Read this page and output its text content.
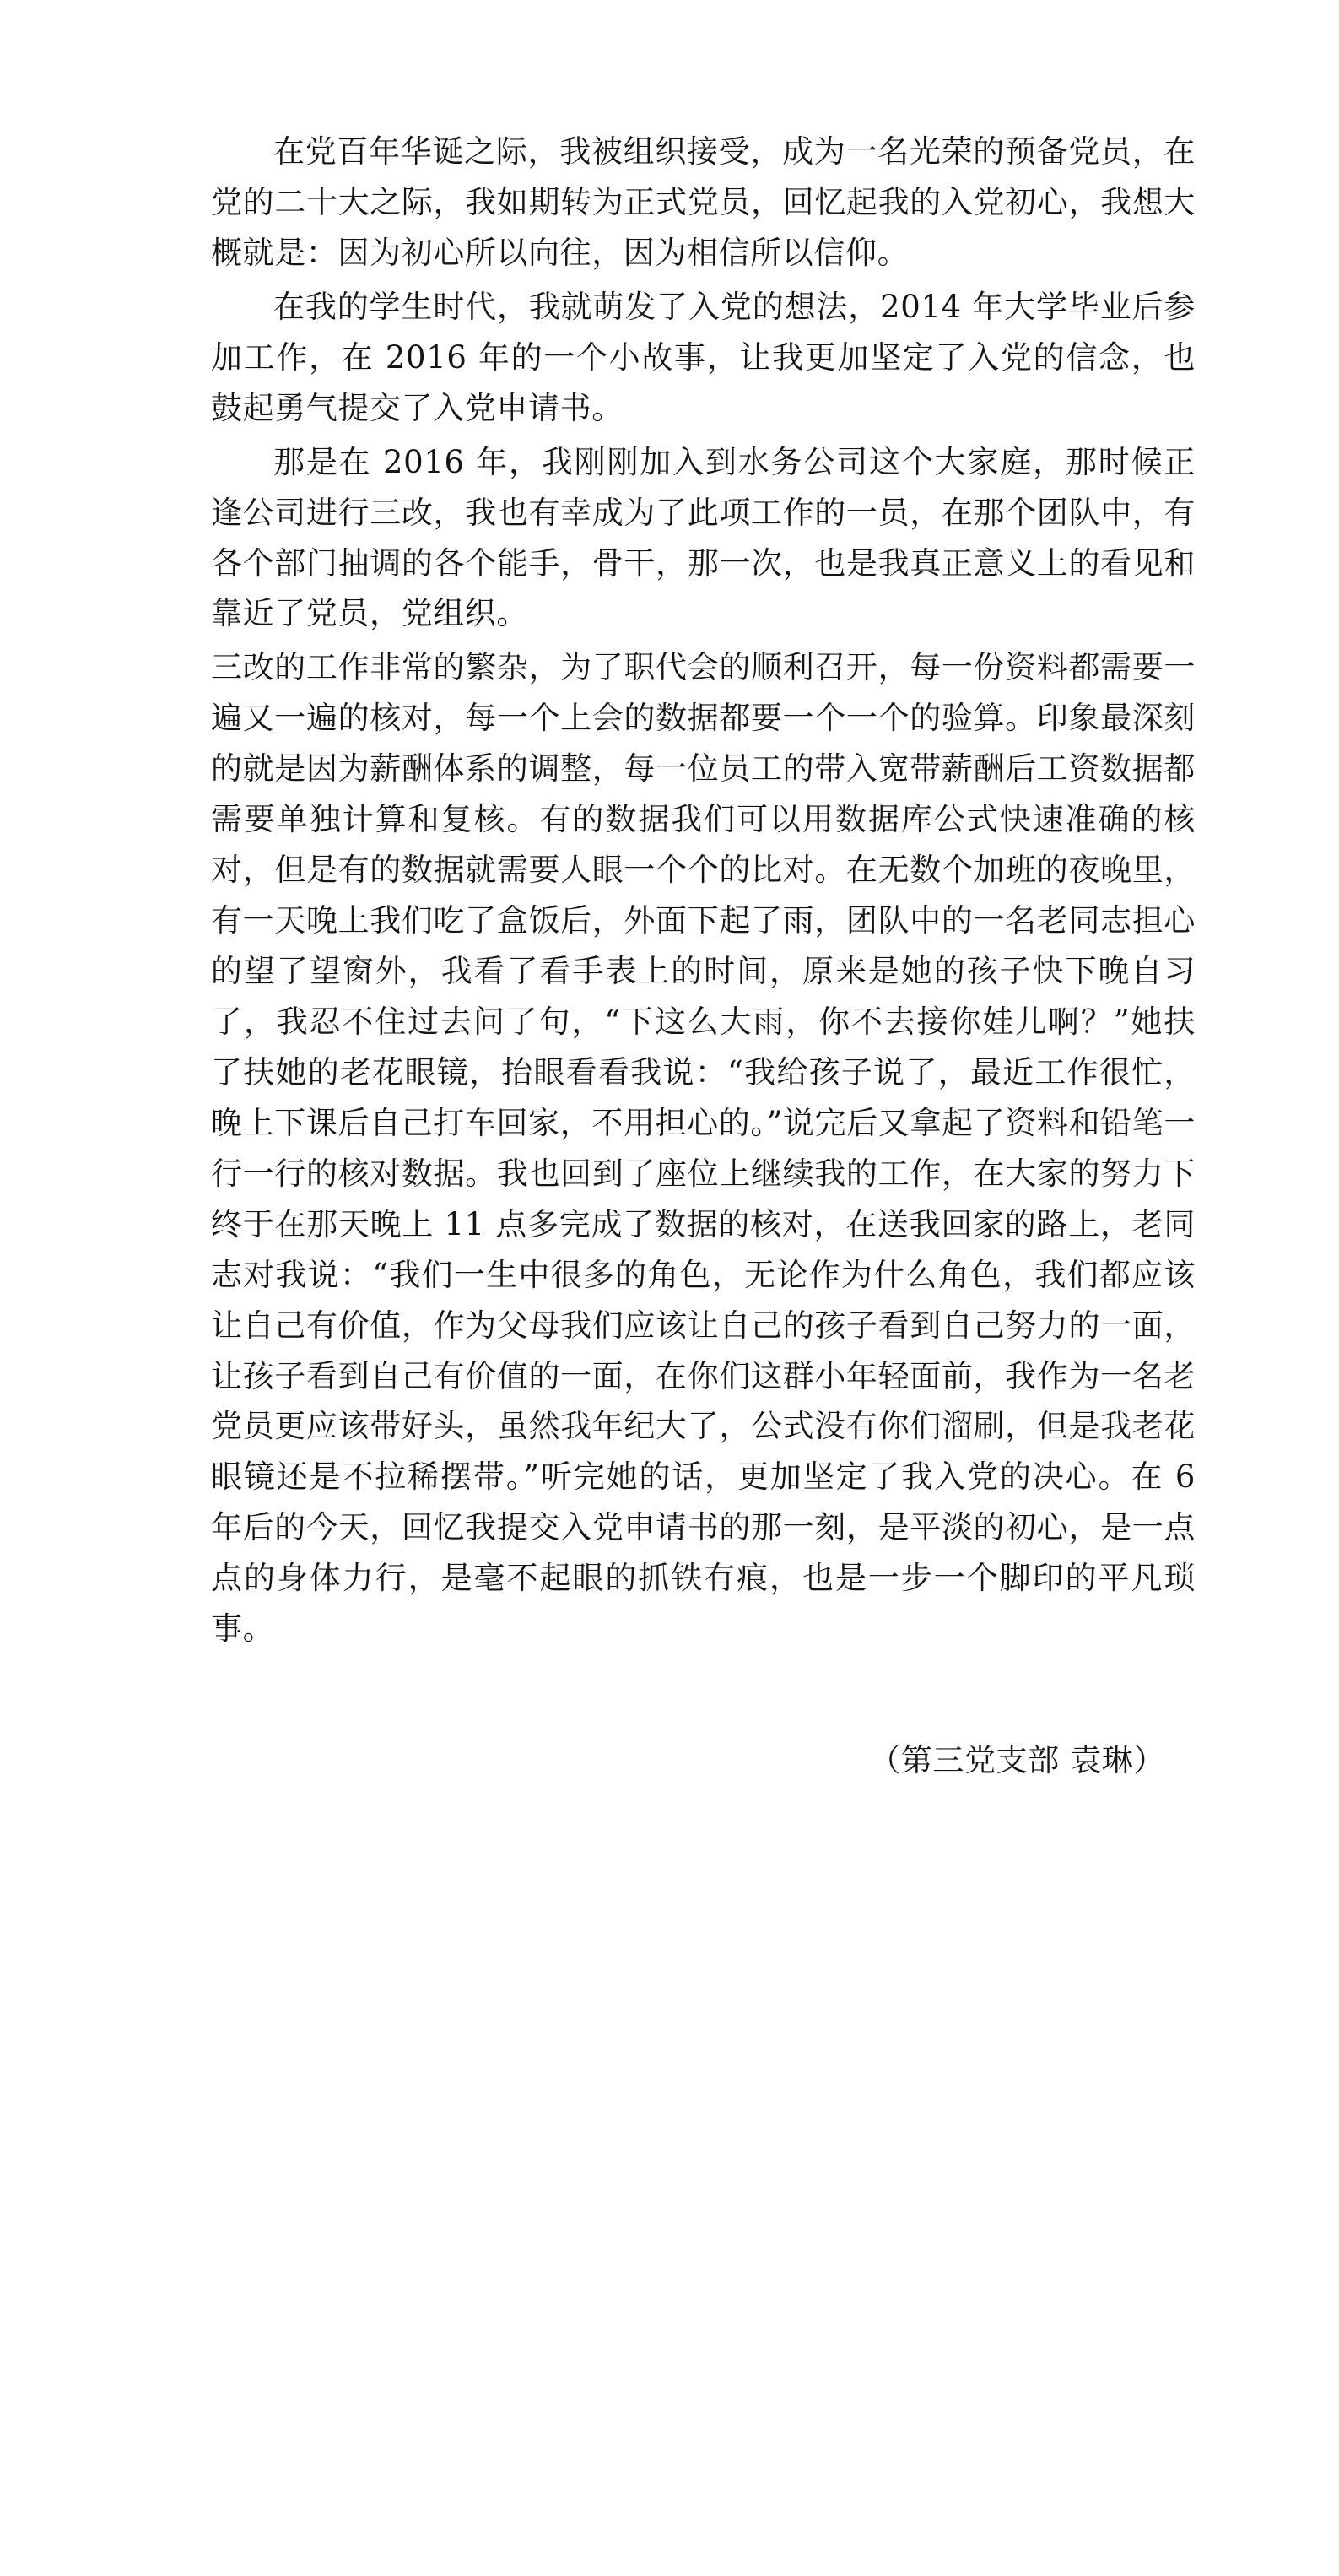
在党百年华诞之际，我被组织接受，成为一名光荣的预备党员，在党的二十大之际，我如期转为正式党员，回忆起我的入党初心，我想大概就是：因为初心所以向往，因为相信所以信仰。

在我的学生时代，我就萌发了入党的想法，2014 年大学毕业后参加工作，在 2016 年的一个小故事，让我更加坚定了入党的信念，也鼓起勇气提交了入党申请书。

那是在 2016 年，我刚刚加入到水务公司这个大家庭，那时候正逢公司进行三改，我也有幸成为了此项工作的一员，在那个团队中，有各个部门抽调的各个能手，骨干，那一次，也是我真正意义上的看见和靠近了党员，党组织。

三改的工作非常的繁杂，为了职代会的顺利召开，每一份资料都需要一遍又一遍的核对，每一个上会的数据都要一个一个的验算。印象最深刻的就是因为薪酬体系的调整，每一位员工的带入宽带薪酬后工资数据都需要单独计算和复核。有的数据我们可以用数据库公式快速准确的核对，但是有的数据就需要人眼一个个的比对。在无数个加班的夜晚里，有一天晚上我们吃了盒饭后，外面下起了雨，团队中的一名老同志担心的望了望窗外，我看了看手表上的时间，原来是她的孩子快下晚自习了，我忍不住过去问了句，“下这么大雨，你不去接你娃儿啊？”她扶了扶她的老花眼镜，抬眼看看我说：“我给孩子说了，最近工作很忙，晚上下课后自己打车回家，不用担心的。”说完后又拿起了资料和铅笔一行一行的核对数据。我也回到了座位上继续我的工作，在大家的努力下终于在那天晚上 11 点多完成了数据的核对，在送我回家的路上，老同志对我说：“我们一生中很多的角色，无论作为什么角色，我们都应该让自己有价值，作为父母我们应该让自己的孩子看到自己努力的一面，让孩子看到自己有价值的一面，在你们这群小年轻面前，我作为一名老党员更应该带好头，虽然我年纪大了，公式没有你们溜刷，但是我老花眼镜还是不拉稀摆带。”听完她的话，更加坚定了我入党的决心。在 6 年后的今天，回忆我提交入党申请书的那一刻，是平淡的初心，是一点点的身体力行，是毫不起眼的抓铁有痕，也是一步一个脚印的平凡琐事。

（第三党支部 袁琳）
